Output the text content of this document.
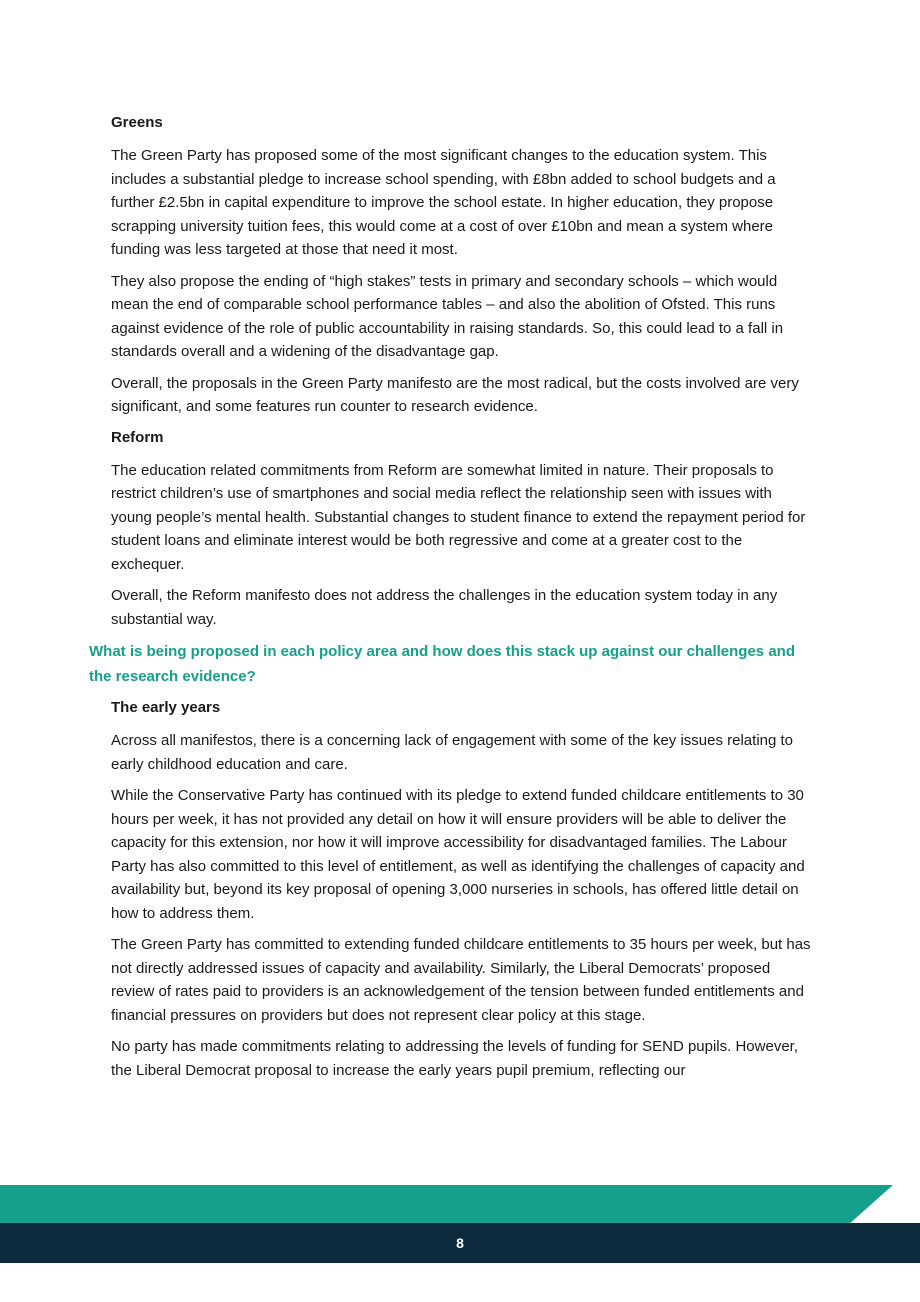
Greens

The Green Party has proposed some of the most significant changes to the education system. This includes a substantial pledge to increase school spending, with £8bn added to school budgets and a further £2.5bn in capital expenditure to improve the school estate. In higher education, they propose scrapping university tuition fees, this would come at a cost of over £10bn and mean a system where funding was less targeted at those that need it most.

They also propose the ending of “high stakes” tests in primary and secondary schools – which would mean the end of comparable school performance tables – and also the abolition of Ofsted. This runs against evidence of the role of public accountability in raising standards. So, this could lead to a fall in standards overall and a widening of the disadvantage gap.

Overall, the proposals in the Green Party manifesto are the most radical, but the costs involved are very significant, and some features run counter to research evidence.

Reform

The education related commitments from Reform are somewhat limited in nature. Their proposals to restrict children’s use of smartphones and social media reflect the relationship seen with issues with young people’s mental health. Substantial changes to student finance to extend the repayment period for student loans and eliminate interest would be both regressive and come at a greater cost to the exchequer.

Overall, the Reform manifesto does not address the challenges in the education system today in any substantial way.

What is being proposed in each policy area and how does this stack up against our challenges and the research evidence?
The early years

Across all manifestos, there is a concerning lack of engagement with some of the key issues relating to early childhood education and care.

While the Conservative Party has continued with its pledge to extend funded childcare entitlements to 30 hours per week, it has not provided any detail on how it will ensure providers will be able to deliver the capacity for this extension, nor how it will improve accessibility for disadvantaged families. The Labour Party has also committed to this level of entitlement, as well as identifying the challenges of capacity and availability but, beyond its key proposal of opening 3,000 nurseries in schools, has offered little detail on how to address them.

The Green Party has committed to extending funded childcare entitlements to 35 hours per week, but has not directly addressed issues of capacity and availability. Similarly, the Liberal Democrats’ proposed review of rates paid to providers is an acknowledgement of the tension between funded entitlements and financial pressures on providers but does not represent clear policy at this stage.

No party has made commitments relating to addressing the levels of funding for SEND pupils. However, the Liberal Democrat proposal to increase the early years pupil premium, reflecting our

8
